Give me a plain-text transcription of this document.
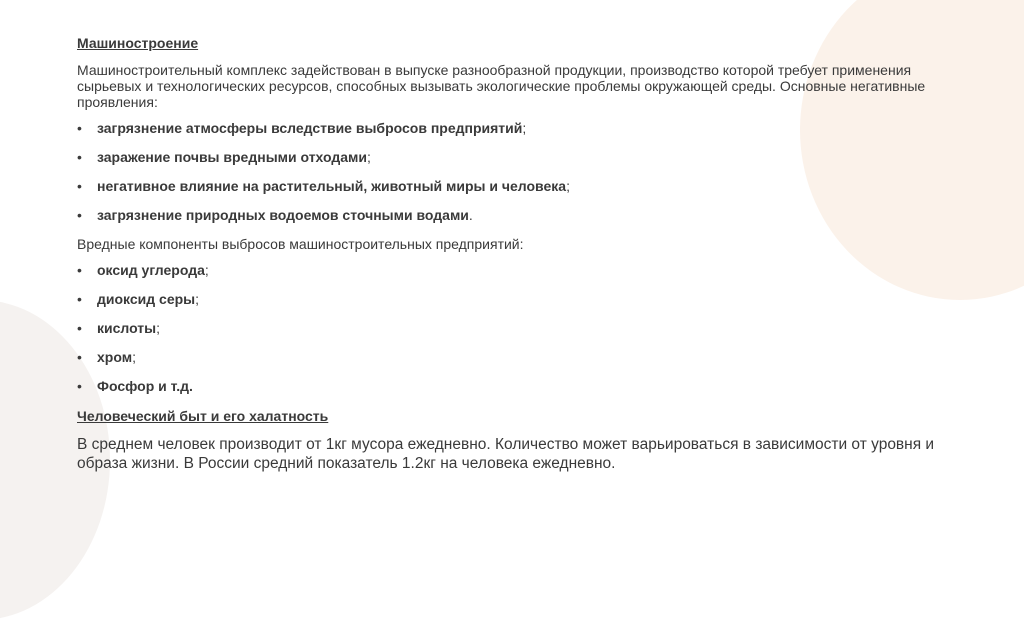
Машиностроение

Машиностроительный комплекс задействован в выпуске разнообразной продукции, производство которой требует применения сырьевых и технологических ресурсов, способных вызывать экологические проблемы окружающей среды. Основные негативные проявления:

• загрязнение атмосферы вследствие выбросов предприятий;
• заражение почвы вредными отходами;
• негативное влияние на растительный, животный миры и человека;
• загрязнение природных водоемов сточными водами.

Вредные компоненты выбросов машиностроительных предприятий:

• оксид углерода;
• диоксид серы;
• кислоты;
• хром;
• Фосфор и т.д.
Человеческий быт и его халатность

В среднем человек производит от 1кг мусора ежедневно. Количество может варьироваться в зависимости от уровня и образа жизни. В России средний показатель 1.2кг на человека ежедневно.
